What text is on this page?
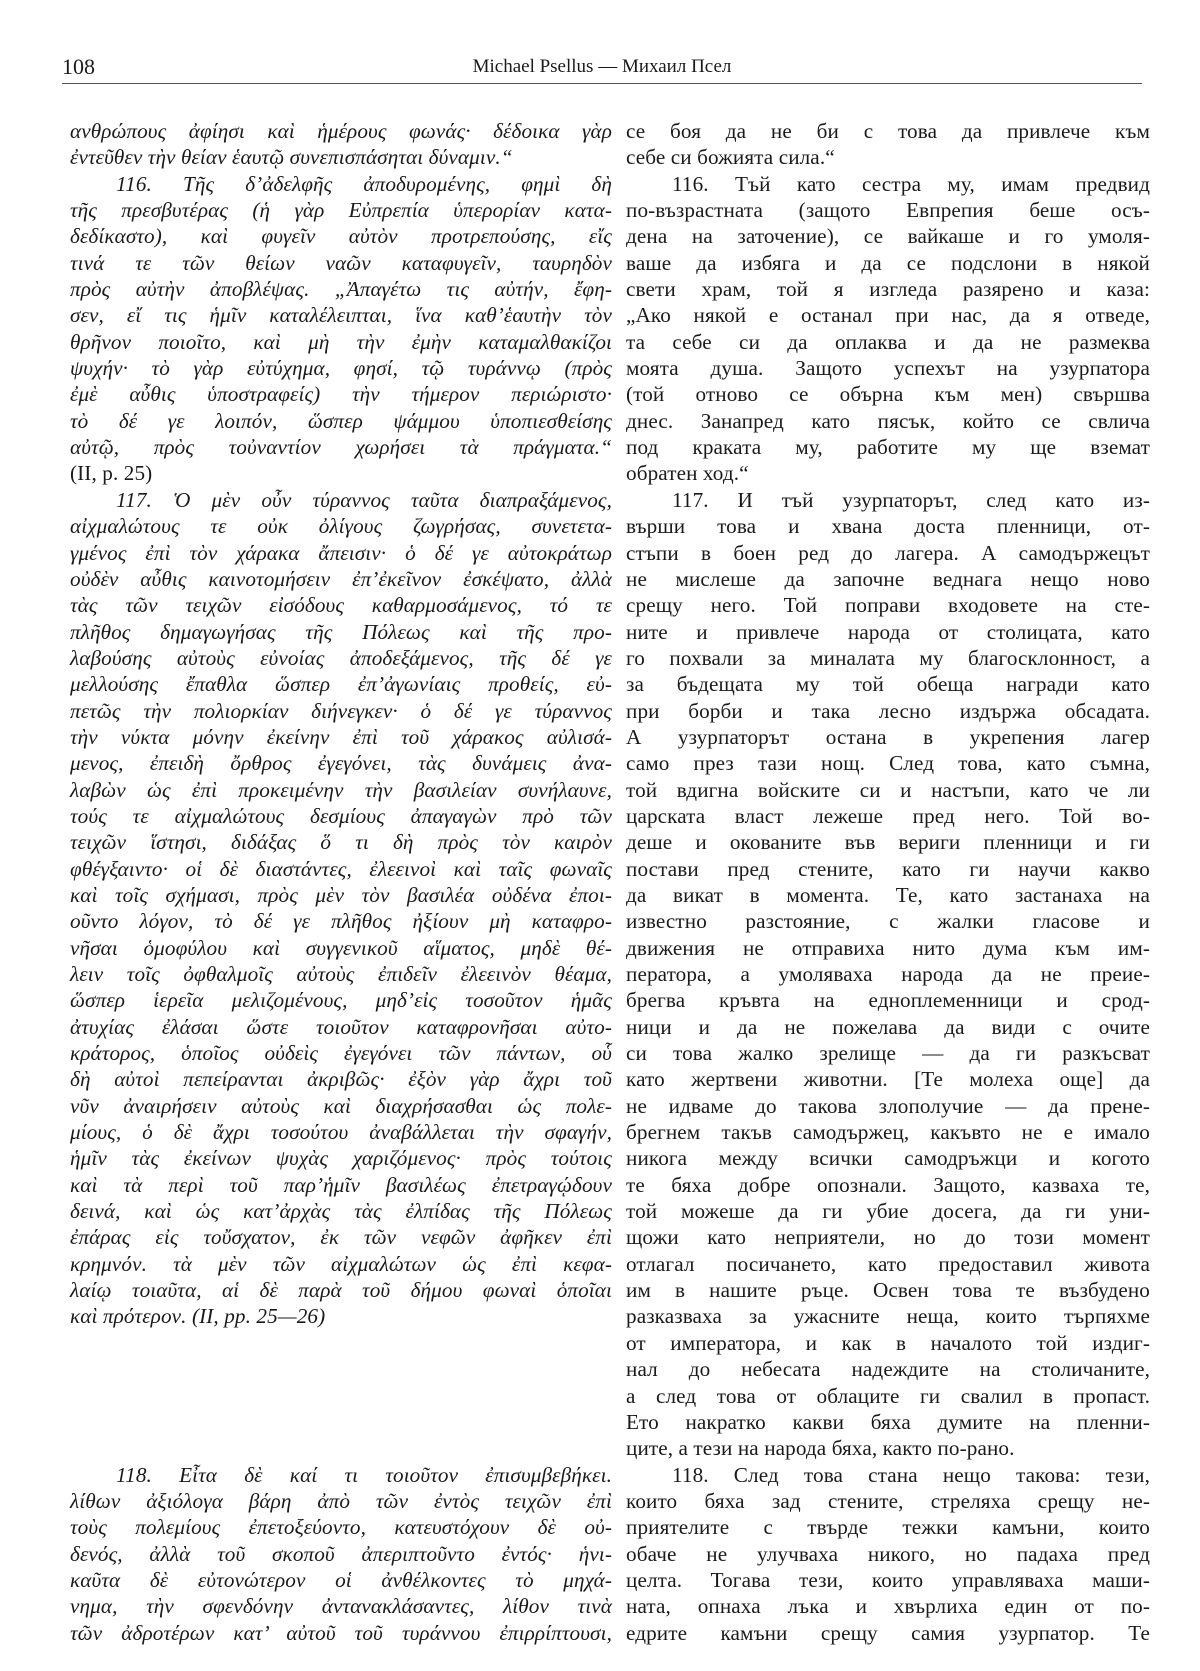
108	Michael Psellus — Михаил Псел
ανθρώπους ἀφίησι καὶ ἡμέρους φωνάς· δέδοικα γὰρ
ἐντεῦθεν τὴν θείαν ἑαυτῷ συνεπισπάσηται δύναμιν.“
116. Τῆς δ’ἀδελφῆς ἀποδυρομένης, φημὶ δὴ
τῆς πρεσβυτέρας (ἡ γὰρ Εὐπρεπία ὑπερορίαν κατα-
δεδίκαστο), καὶ φυγεῖν αὐτὸν προτρεπούσης, εἴς
τινά τε τῶν θείων ναῶν καταφυγεῖν, ταυρηδὸν
πρὸς αὐτὴν ἀποβλέψας. „Ἀπαγέτω τις αὐτήν, ἔφη-
σεν, εἴ τις ἡμῖν καταλέλειπται, ἵνα καθ’ἑαυτὴν τὸν
θρῆνον ποιοῖτο, καὶ μὴ τὴν ἐμὴν καταμαλθακίζοι
ψυχήν· τὸ γὰρ εὐτύχημα, φησί, τῷ τυράννῳ (πρὸς
ἐμὲ αὖθις ὑποστραφείς) τὴν τήμερον περιώριστο·
τὸ δέ γε λοιπόν, ὥσπερ ψάμμου ὑποπιεσθείσης
αὐτῷ, πρὸς τοὐναντίον χωρήσει τὰ πράγματα.“
(II, p. 25)
117. Ὁ μὲν οὖν τύραννος ταῦτα διαπραξάμενος,
αἰχμαλώτους τε οὐκ ὀλίγους ζωγρήσας, συνετετα-
γμένος ἐπὶ τὸν χάρακα ἄπεισιν· ὁ δέ γε αὐτοκράτωρ
οὐδὲν αὖθις καινοτομήσειν ἐπ’ἐκεῖνον ἐσκέψατο, ἀλλὰ
τὰς τῶν τειχῶν εἰσόδους καθαρμοσάμενος, τό τε
πλῆθος δημαγωγήσας τῆς Πόλεως καὶ τῆς προ-
λαβούσης αὐτοὺς εὐνοίας ἀποδεξάμενος, τῆς δέ γε
μελλούσης ἔπαθλα ὥσπερ ἐπ’ἀγωνίαις προθείς, εὐ-
πετῶς τὴν πολιορκίαν διήνεγκεν· ὁ δέ γε τύραννος
τὴν νύκτα μόνην ἐκείνην ἐπὶ τοῦ χάρακος αὐλισά-
μενος, ἐπειδὴ ὄρθρος ἐγεγόνει, τὰς δυνάμεις ἀνα-
λαβὼν ὡς ἐπὶ προκειμένην τὴν βασιλείαν συνήλαυνε,
τούς τε αἰχμαλώτους δεσμίους ἀπαγαγὼν πρὸ τῶν
τειχῶν ἵστησι, διδάξας ὅ τι δὴ πρὸς τὸν καιρὸν
φθέγξαιντο· οἱ δὲ διαστάντες, ἐλεεινοὶ καὶ ταῖς φωναῖς
καὶ τοῖς σχήμασι, πρὸς μὲν τὸν βασιλέα οὐδένα ἐποι-
οῦντο λόγον, τὸ δέ γε πλῆθος ἠξίουν μὴ καταφρο-
νῆσαι ὁμοφύλου καὶ συγγενικοῦ αἵματος, μηδὲ θέ-
λειν τοῖς ὀφθαλμοῖς αὐτοὺς ἐπιδεῖν ἐλεεινὸν θέαμα,
ὥσπερ ἱερεῖα μελιζομένους, μηδ’εἰς τοσοῦτον ἡμᾶς
ἀτυχίας ἐλάσαι ὥστε τοιοῦτον καταφρονῆσαι αὐτο-
κράτορος, ὁποῖος οὐδεὶς ἐγεγόνει τῶν πάντων, οὗ
δὴ αὐτοὶ πεπείρανται ἀκριβῶς· ἐξὸν γὰρ ἄχρι τοῦ
νῦν ἀναιρήσειν αὐτοὺς καὶ διαχρήσασθαι ὡς πολε-
μίους, ὁ δὲ ἄχρι τοσούτου ἀναβάλλεται τὴν σφαγήν,
ἡμῖν τὰς ἐκείνων ψυχὰς χαριζόμενος· πρὸς τούτοις
καὶ τὰ περὶ τοῦ παρ’ἡμῖν βασιλέως ἐπετραγῴδουν
δεινά, καὶ ὡς κατ’ἀρχὰς τὰς ἐλπίδας τῆς Πόλεως
ἐπάρας εἰς τοὔσχατον, ἐκ τῶν νεφῶν ἀφῆκεν ἐπὶ
κρημνόν. τὰ μὲν τῶν αἰχμαλώτων ὡς ἐπὶ κεφα-
λαίῳ τοιαῦτα, αἱ δὲ παρὰ τοῦ δήμου φωναὶ ὁποῖαι
καὶ πρότερον. (II, pp. 25—26)
118. Εἶτα δὲ καί τι τοιοῦτον ἐπισυμβεβήκει.
λίθων ἀξιόλογα βάρη ἀπὸ τῶν ἐντὸς τειχῶν ἐπὶ
τοὺς πολεμίους ἐπετοξεύοντο, κατευστόχουν δὲ οὐ-
δενός, ἀλλὰ τοῦ σκοποῦ ἀπεριπτοῦντο ἐντός· ἡνι-
καῦτα δὲ εὐτονώτερον οἱ ἀνθέλκοντες τὸ μηχά-
νημα, τὴν σφενδόνην ἀντανακλάσαντες, λίθον τινὰ
τῶν ἀδροτέρων κατ’ αὐτοῦ τοῦ τυράννου ἐπιρρίπτουσι,
се боя да не би с това да привлече към
себе си божията сила.“
116. Тъй като сестра му, имам предвид
по-възрастната (защото Евпрепия беше осъ-
дена на заточение), се вайкаше и го умоля-
ваше да избяга и да се подслони в някой
свети храм, той я изгледа разярено и каза:
„Ако някой е останал при нас, да я отведе,
та себе си да оплаква и да не размеква
моята душа. Защото успехът на узурпатора
(той отново се обърна към мен) свършва
днес. Занапред като пясък, който се свлича
под краката му, работите му ще вземат
обратен ход.“
117. И тъй узурпаторът, след като из-
върши това и хвана доста пленници, от-
стъпи в боен ред до лагера. А самодържецът
не мислеше да започне веднага нещо ново
срещу него. Той поправи входовете на сте-
ните и привлече народа от столицата, като
го похвали за миналата му благосклонност, а
за бъдещата му той обеща награди като
при борби и така лесно издържа обсадата.
А узурпаторът остана в укрепения лагер
само през тази нощ. След това, като съмна,
той вдигна войските си и настъпи, като че ли
царската власт лежеше пред него. Той во-
деше и окованите във вериги пленници и ги
постави пред стените, като ги научи какво
да викат в момента. Те, като застанаха на
известно разстояние, с жалки гласове и
движения не отправиха нито дума към им-
ператора, а умоляваха народа да не преие-
брегва кръвта на едноплеменници и срод-
ници и да не пожелава да види с очите
си това жалко зрелище — да ги разкъсват
като жертвени животни. [Те молеха още] да
не идваме до такова злополучие — да прене-
брегнем такъв самодържец, какъвто не е имало
никога между всички самодръжци и когото
те бяха добре опознали. Защото, казваха те,
той можеше да ги убие досега, да ги уни-
щожи като неприятели, но до този момент
отлагал посичането, като предоставил живота
им в нашите ръце. Освен това те възбудено
разказваха за ужасните неща, които търпяхме
от императора, и как в началото той издиг-
нал до небесата надеждите на столичаните,
а след това от облаците ги свалил в пропаст.
Ето накратко какви бяха думите на пленни-
ците, а тези на народа бяха, както по-рано.
118. След това стана нещо такова: тези,
които бяха зад стените, стреляха срещу не-
приятелите с твърде тежки камъни, които
обаче не улучваха никого, но падаха пред
целта. Тогава тези, които управляваха маши-
ната, опнаха лъка и хвърлиха един от по-
едрите камъни срещу самия узурпатор. Те
